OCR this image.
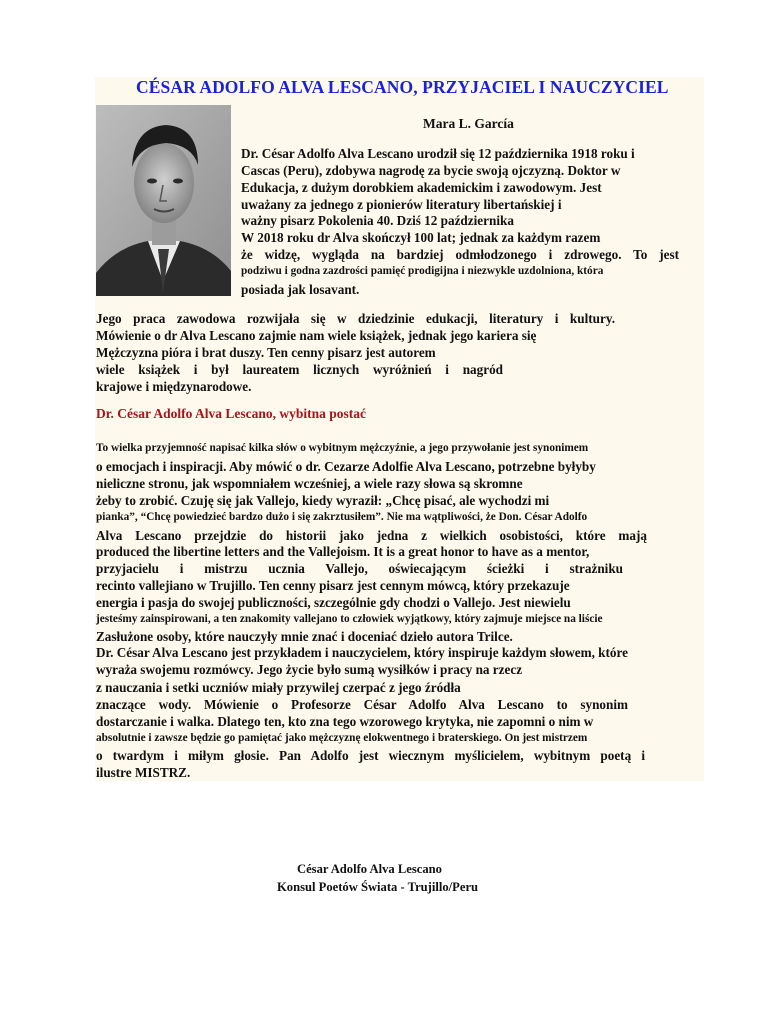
CÉSAR ADOLFO ALVA LESCANO, PRZYJACIEL I NAUCZYCIEL
Mara L. García
Dr. César Adolfo Alva Lescano urodził się 12 października 1918 roku i
Cascas (Peru), zdobywa nagrodę za bycie swoją ojczyzną. Doktor w
Edukacja, z dużym dorobkiem akademickim i zawodowym. Jest
uważany za jednego z pionierów literatury libertańskiej i
ważny pisarz Pokolenia 40. Dziś 12 października
W 2018 roku dr Alva skończył 100 lat; jednak za każdym razem
że widzę, wygląda na bardziej odmłodzonego i zdrowego. To jest
podziwu i godna zazdrości pamięć prodigijna i niezwykle uzdolniona, która
posiada jak losavant.
Jego praca zawodowa rozwijała się w dziedzinie edukacji, literatury i kultury.
Mówienie o dr Alva Lescano zajmie nam wiele książek, jednak jego kariera się
Mężczyzna pióra i brat duszy. Ten cenny pisarz jest autorem
wiele książek i był laureatem licznych wyróżnień i nagród
krajowe i międzynarodowe.
Dr. César Adolfo Alva Lescano, wybitna postać
To wielka przyjemność napisać kilka słów o wybitnym mężczyźnie, a jego przywołanie jest synonimem
o emocjach i inspiracji. Aby mówić o dr. Cezarze Adolfie Alva Lescano, potrzebne byłyby
nieliczne stronu, jak wspomniałem wcześniej, a wiele razy słowa są skromne
żeby to zrobić. Czuję się jak Vallejo, kiedy wyraził: „Chcę pisać, ale wychodzi mi
pianka”, “Chcę powiedzieć bardzo dużo i się zakrztusiłem”. Nie ma wątpliwości, że Don. César Adolfo
Alva Lescano przejdzie do historii jako jedna z wielkich osobistości, które mają
produced the libertine letters and the Vallejoism. It is a great honor to have as a mentor,
przyjacielu i mistrzu ucznia Vallejo, oświecającym ścieżki i strażniku
recinto vallejiano w Trujillo. Ten cenny pisarz jest cennym mówcą, który przekazuje
energia i pasja do swojej publiczności, szczególnie gdy chodzi o Vallejo. Jest niewielu
jesteśmy zainspirowani, a ten znakomity vallejano to człowiek wyjątkowy, który zajmuje miejsce na liście
Zasłużone osoby, które nauczyły mnie znać i doceniać dzieło autora Trilce.
Dr. César Alva Lescano jest przykładem i nauczycielem, który inspiruje każdym słowem, które
wyraża swojemu rozmówcy. Jego życie było sumą wysiłków i pracy na rzecz
z nauczania i setki uczniów miały przywilej czerpać z jego źródła
znaczące wody. Mówienie o Profesorze César Adolfo Alva Lescano to synonim
dostarczanie i walka. Dlatego ten, kto zna tego wzorowego krytyka, nie zapomni o nim w
absolutnie i zawsze będzie go pamiętać jako mężczyznę elokwentnego i braterskiego. On jest mistrzem
o twardym i miłym głosie. Pan Adolfo jest wiecznym myślicielem, wybitnym poetą i
ilustre MISTRZ.
César Adolfo Alva Lescano
Konsul Poetów Świata - Trujillo/Peru
